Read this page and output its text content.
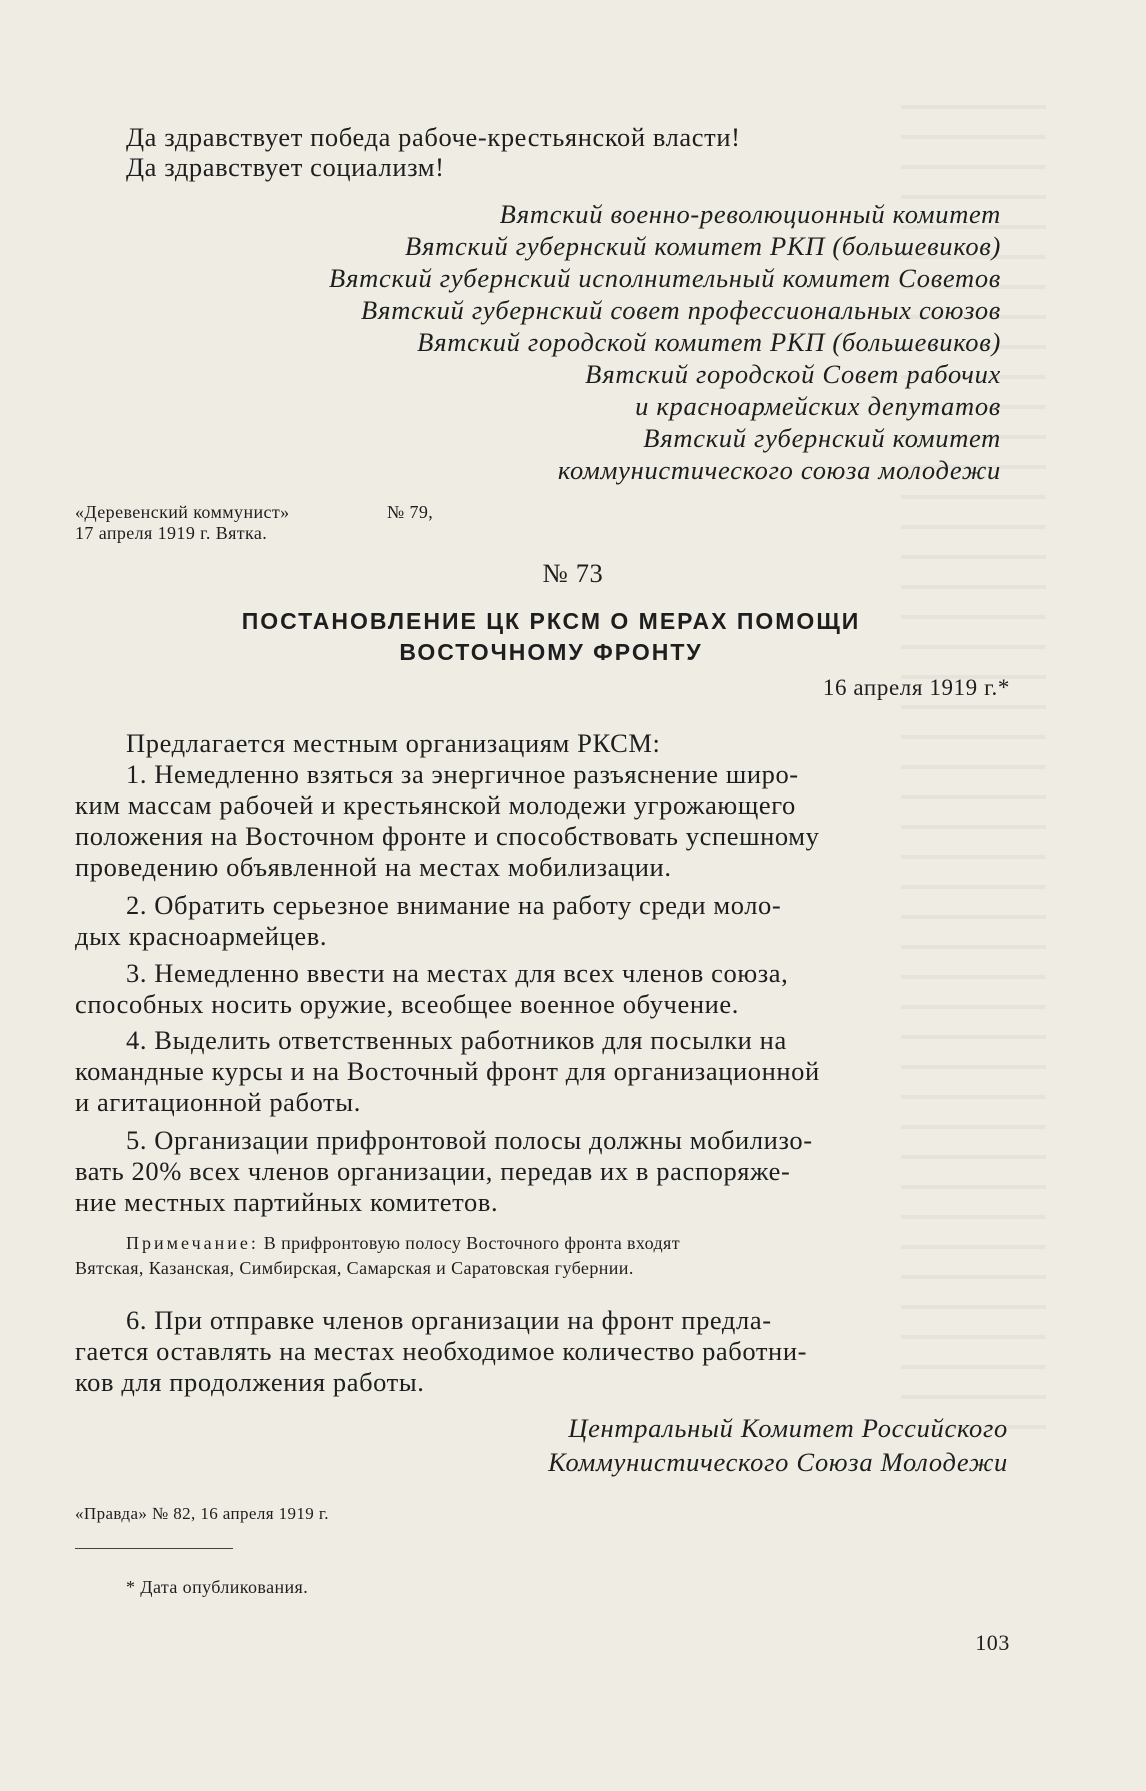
Да здравствует победа рабоче-крестьянской власти!
Да здравствует социализм!
Вятский военно-революционный комитет
Вятский губернский комитет РКП (большевиков)
Вятский губернский исполнительный комитет Советов
Вятский губернский совет профессиональных союзов
Вятский городской комитет РКП (большевиков)
Вятский городской Совет рабочих
и красноармейских депутатов
Вятский губернский комитет
коммунистического союза молодежи
«Деревенский коммунист»	№ 79,
17 апреля 1919 г. Вятка.
№ 73
ПОСТАНОВЛЕНИЕ ЦК РКСМ О МЕРАХ ПОМОЩИ
ВОСТОЧНОМУ ФРОНТУ
16 апреля 1919 г.*
Предлагается местным организациям РКСМ:
1. Немедленно взяться за энергичное разъяснение широ-
ким массам рабочей и крестьянской молодежи угрожающего
положения на Восточном фронте и способствовать успешному
проведению объявленной на местах мобилизации.
2. Обратить серьезное внимание на работу среди моло-
дых красноармейцев.
3. Немедленно ввести на местах для всех членов союза,
способных носить оружие, всеобщее военное обучение.
4. Выделить ответственных работников для посылки на
командные курсы и на Восточный фронт для организационной
и агитационной работы.
5. Организации прифронтовой полосы должны мобилизо-
вать 20% всех членов организации, передав их в распоряже-
ние местных партийных комитетов.
Примечание: В прифронтовую полосу Восточного фронта входят
Вятская, Казанская, Симбирская, Самарская и Саратовская губернии.
6. При отправке членов организации на фронт предла-
гается оставлять на местах необходимое количество работни-
ков для продолжения работы.
Центральный Комитет Российского
Коммунистического Союза Молодежи
«Правда» № 82, 16 апреля 1919 г.
* Дата опубликования.
103
